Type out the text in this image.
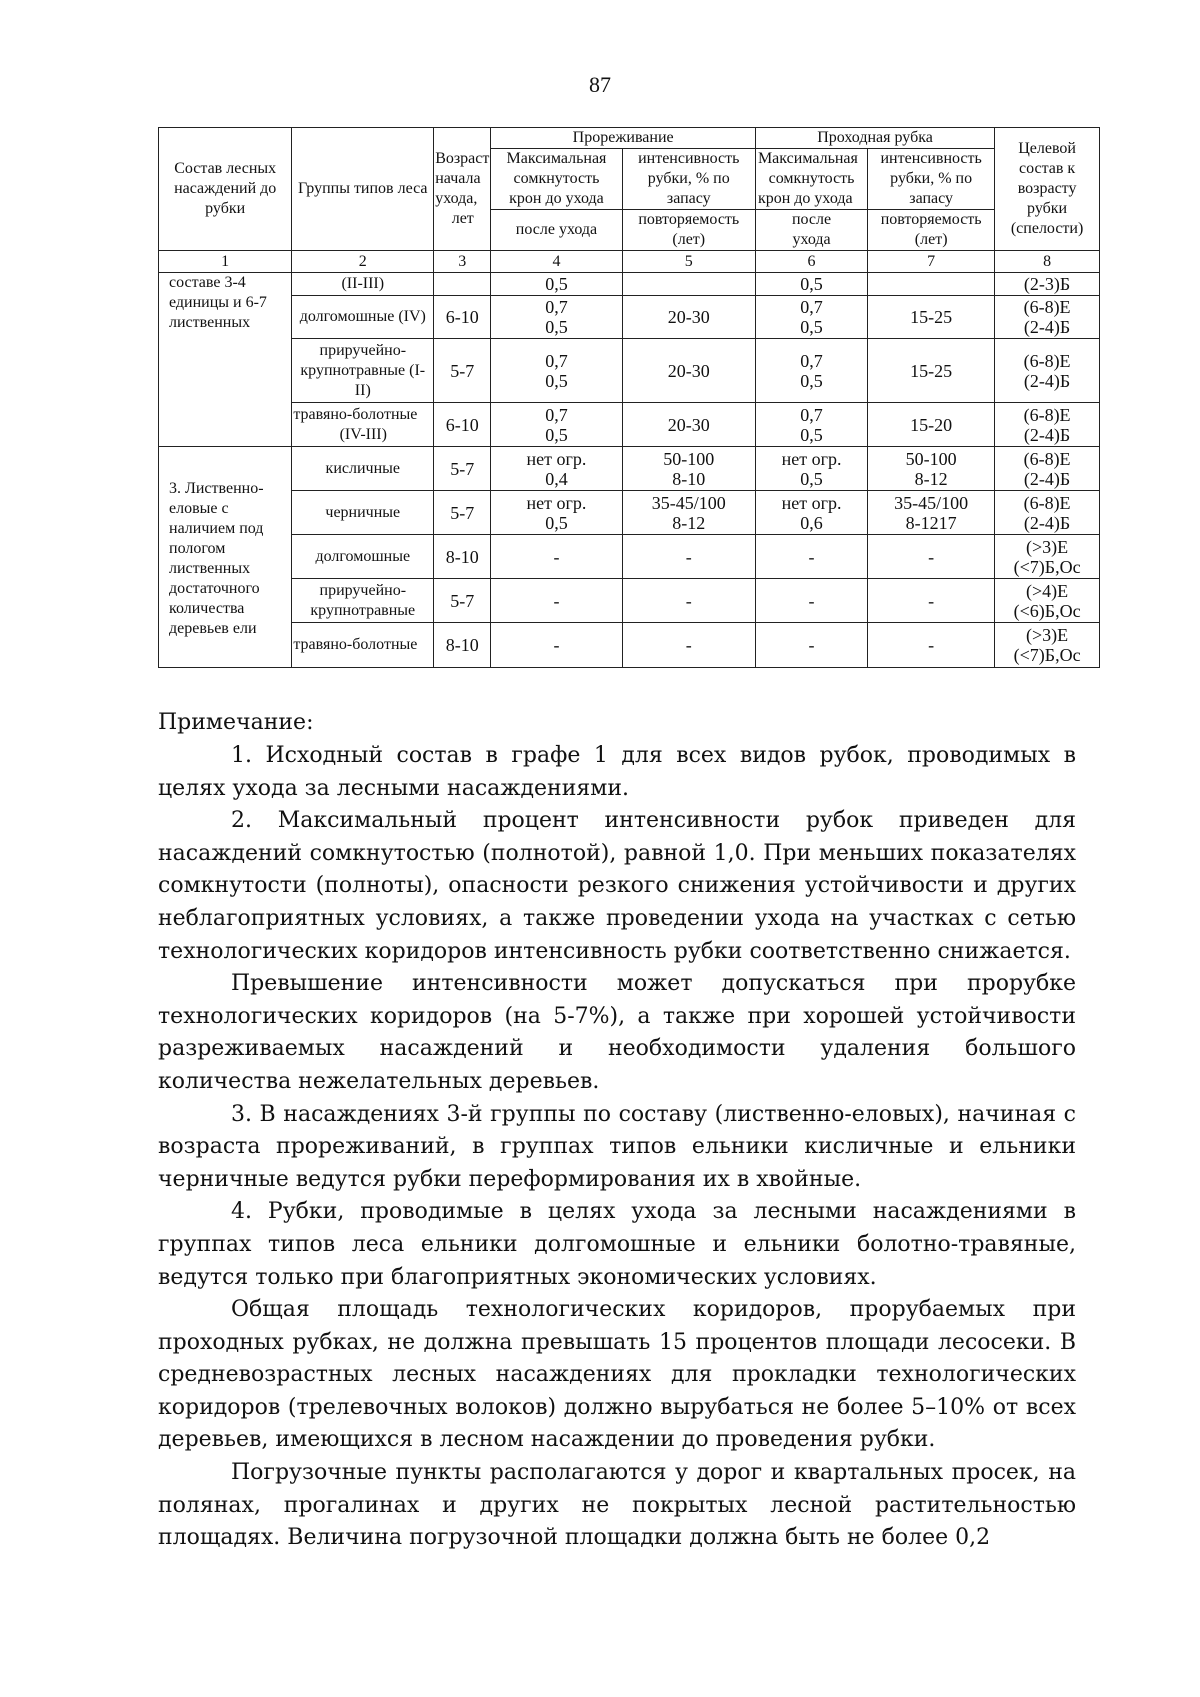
87
Состав лесных насаждений до рубки	Группы типов леса	Возраст
начала
ухода,
лет	Прореживание		Проходная рубка		Целевой состав к возрасту рубки (спелости)

			Максимальная
сомкнутость
крон до ухода	интенсивность
рубки, % по
запасу	Максимальная
сомкнутость
крон до ухода	интенсивность
рубки, % по
запасу	

			после ухода	повторяемость
(лет)	после
ухода	повторяемость
(лет)	

1	2	3	4	5	6	7	8
составе 3-4 единицы и 6-7 лиственных	(II-III)		0,5		0,5		(2-3)Б
	долгомошные (IV)	6-10	0,7
0,5	20-30	0,7
0,5	15-25	(6-8)Е
(2-4)Б

	приручейно-крупнотравные (I-II)	5-7	0,7
0,5	20-30	0,7
0,5	15-25	(6-8)Е
(2-4)Б

	травяно-болотные
(IV-III)	6-10	0,7
0,5	20-30	0,7
0,5	15-20	(6-8)Е
(2-4)Б

3. Лиственно-еловые с наличием под пологом лиственных достаточного количества деревьев ели	кисличные	5-7	нет огр.
0,4	50-100
8-10	нет огр.
0,5	50-100
8-12	(6-8)Е
(2-4)Б

	черничные	5-7	нет огр.
0,5	35-45/100
8-12	нет огр.
0,6	35-45/100
8-1217	(6-8)Е
(2-4)Б

	долгомошные	8-10	-	-	-	-	(>3)Е
(<7)Б,Ос

	приручейно-крупнотравные	5-7	-	-	-	-	(>4)Е
(<6)Б,Ос

	травяно-болотные	8-10	-	-	-	-	(>3)Е
(<7)Б,Ос
Примечание:

1. Исходный состав в графе 1 для всех видов рубок, проводимых в целях ухода за лесными насаждениями.

2. Максимальный процент интенсивности рубок приведен для насаждений сомкнутостью (полнотой), равной 1,0. При меньших показателях сомкнутости (полноты), опасности резкого снижения устойчивости и других неблагоприятных условиях, а также проведении ухода на участках с сетью технологических коридоров интенсивность рубки соответственно снижается.

Превышение интенсивности может допускаться при прорубке технологических коридоров (на 5-7%), а также при хорошей устойчивости разреживаемых насаждений и необходимости удаления большого количества нежелательных деревьев.

3. В насаждениях 3-й группы по составу (лиственно-еловых), начиная с возраста прореживаний, в группах типов ельники кисличные и ельники черничные ведутся рубки переформирования их в хвойные.

4. Рубки, проводимые в целях ухода за лесными насаждениями в группах типов леса ельники долгомошные и ельники болотно-травяные, ведутся только при благоприятных экономических условиях.

Общая площадь технологических коридоров, прорубаемых при проходных рубках, не должна превышать 15 процентов площади лесосеки. В средневозрастных лесных насаждениях для прокладки технологических коридоров (трелевочных волоков) должно вырубаться не более 5–10% от всех деревьев, имеющихся в лесном насаждении до проведения рубки.

Погрузочные пункты располагаются у дорог и квартальных просек, на полянах, прогалинах и других не покрытых лесной растительностью площадях. Величина погрузочной площадки должна быть не более 0,2
